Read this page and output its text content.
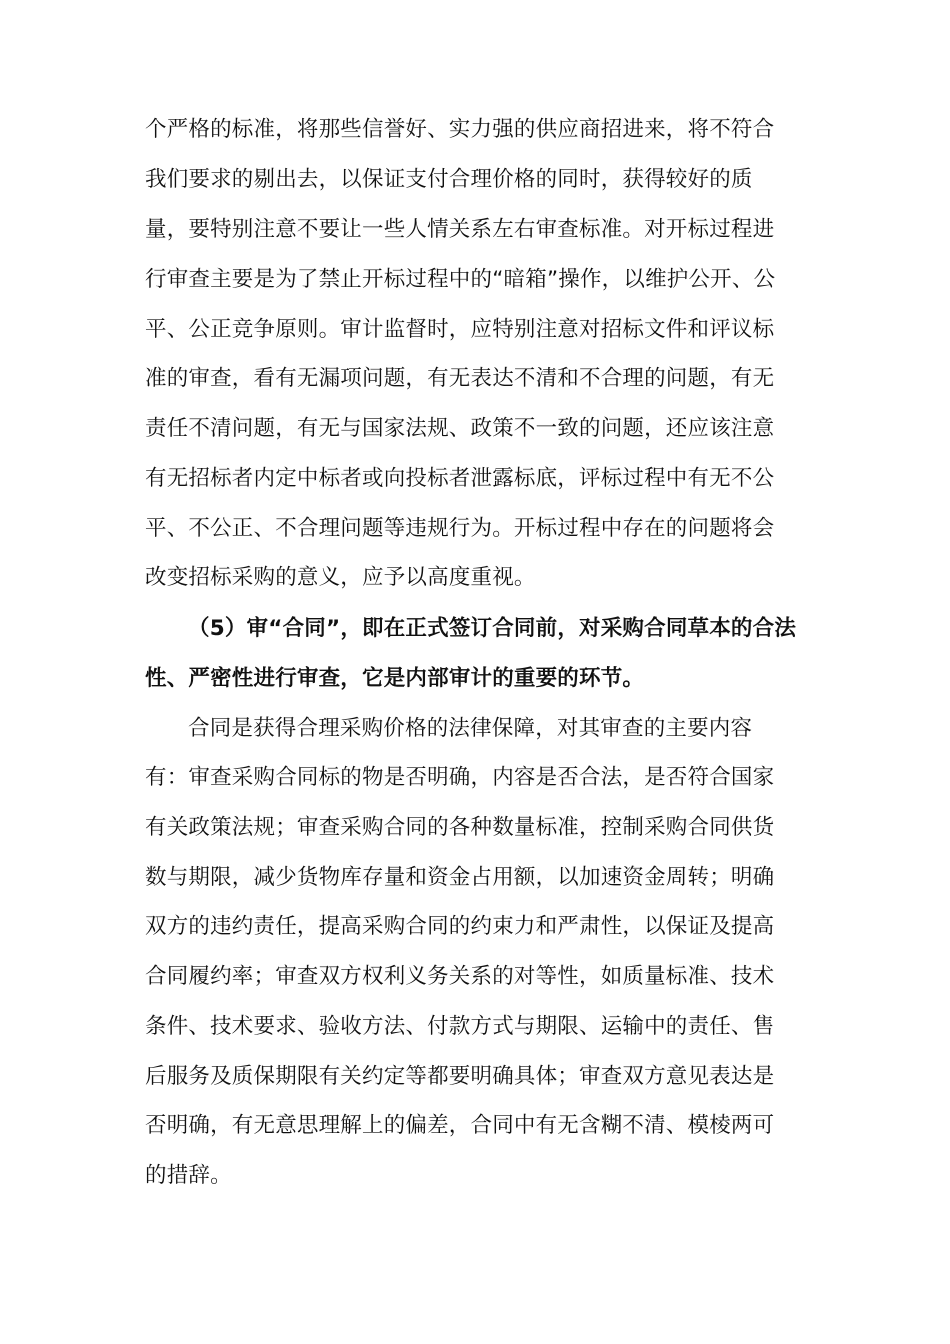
个严格的标准，将那些信誉好、实力强的供应商招进来，将不符合
我们要求的剔出去，以保证支付合理价格的同时，获得较好的质
量，要特别注意不要让一些人情关系左右审查标准。对开标过程进
行审查主要是为了禁止开标过程中的“暗箱”操作，以维护公开、公
平、公正竞争原则。审计监督时，应特别注意对招标文件和评议标
准的审查，看有无漏项问题，有无表达不清和不合理的问题，有无
责任不清问题，有无与国家法规、政策不一致的问题，还应该注意
有无招标者内定中标者或向投标者泄露标底，评标过程中有无不公
平、不公正、不合理问题等违规行为。开标过程中存在的问题将会
改变招标采购的意义，应予以高度重视。
（5）审“合同”，即在正式签订合同前，对采购合同草本的合法
性、严密性进行审查，它是内部审计的重要的环节。
合同是获得合理采购价格的法律保障，对其审查的主要内容
有：审查采购合同标的物是否明确，内容是否合法，是否符合国家
有关政策法规；审查采购合同的各种数量标准，控制采购合同供货
数与期限，减少货物库存量和资金占用额，以加速资金周转；明确
双方的违约责任，提高采购合同的约束力和严肃性，以保证及提高
合同履约率；审查双方权利义务关系的对等性，如质量标准、技术
条件、技术要求、验收方法、付款方式与期限、运输中的责任、售
后服务及质保期限有关约定等都要明确具体；审查双方意见表达是
否明确，有无意思理解上的偏差，合同中有无含糊不清、模棱两可
的措辞。
